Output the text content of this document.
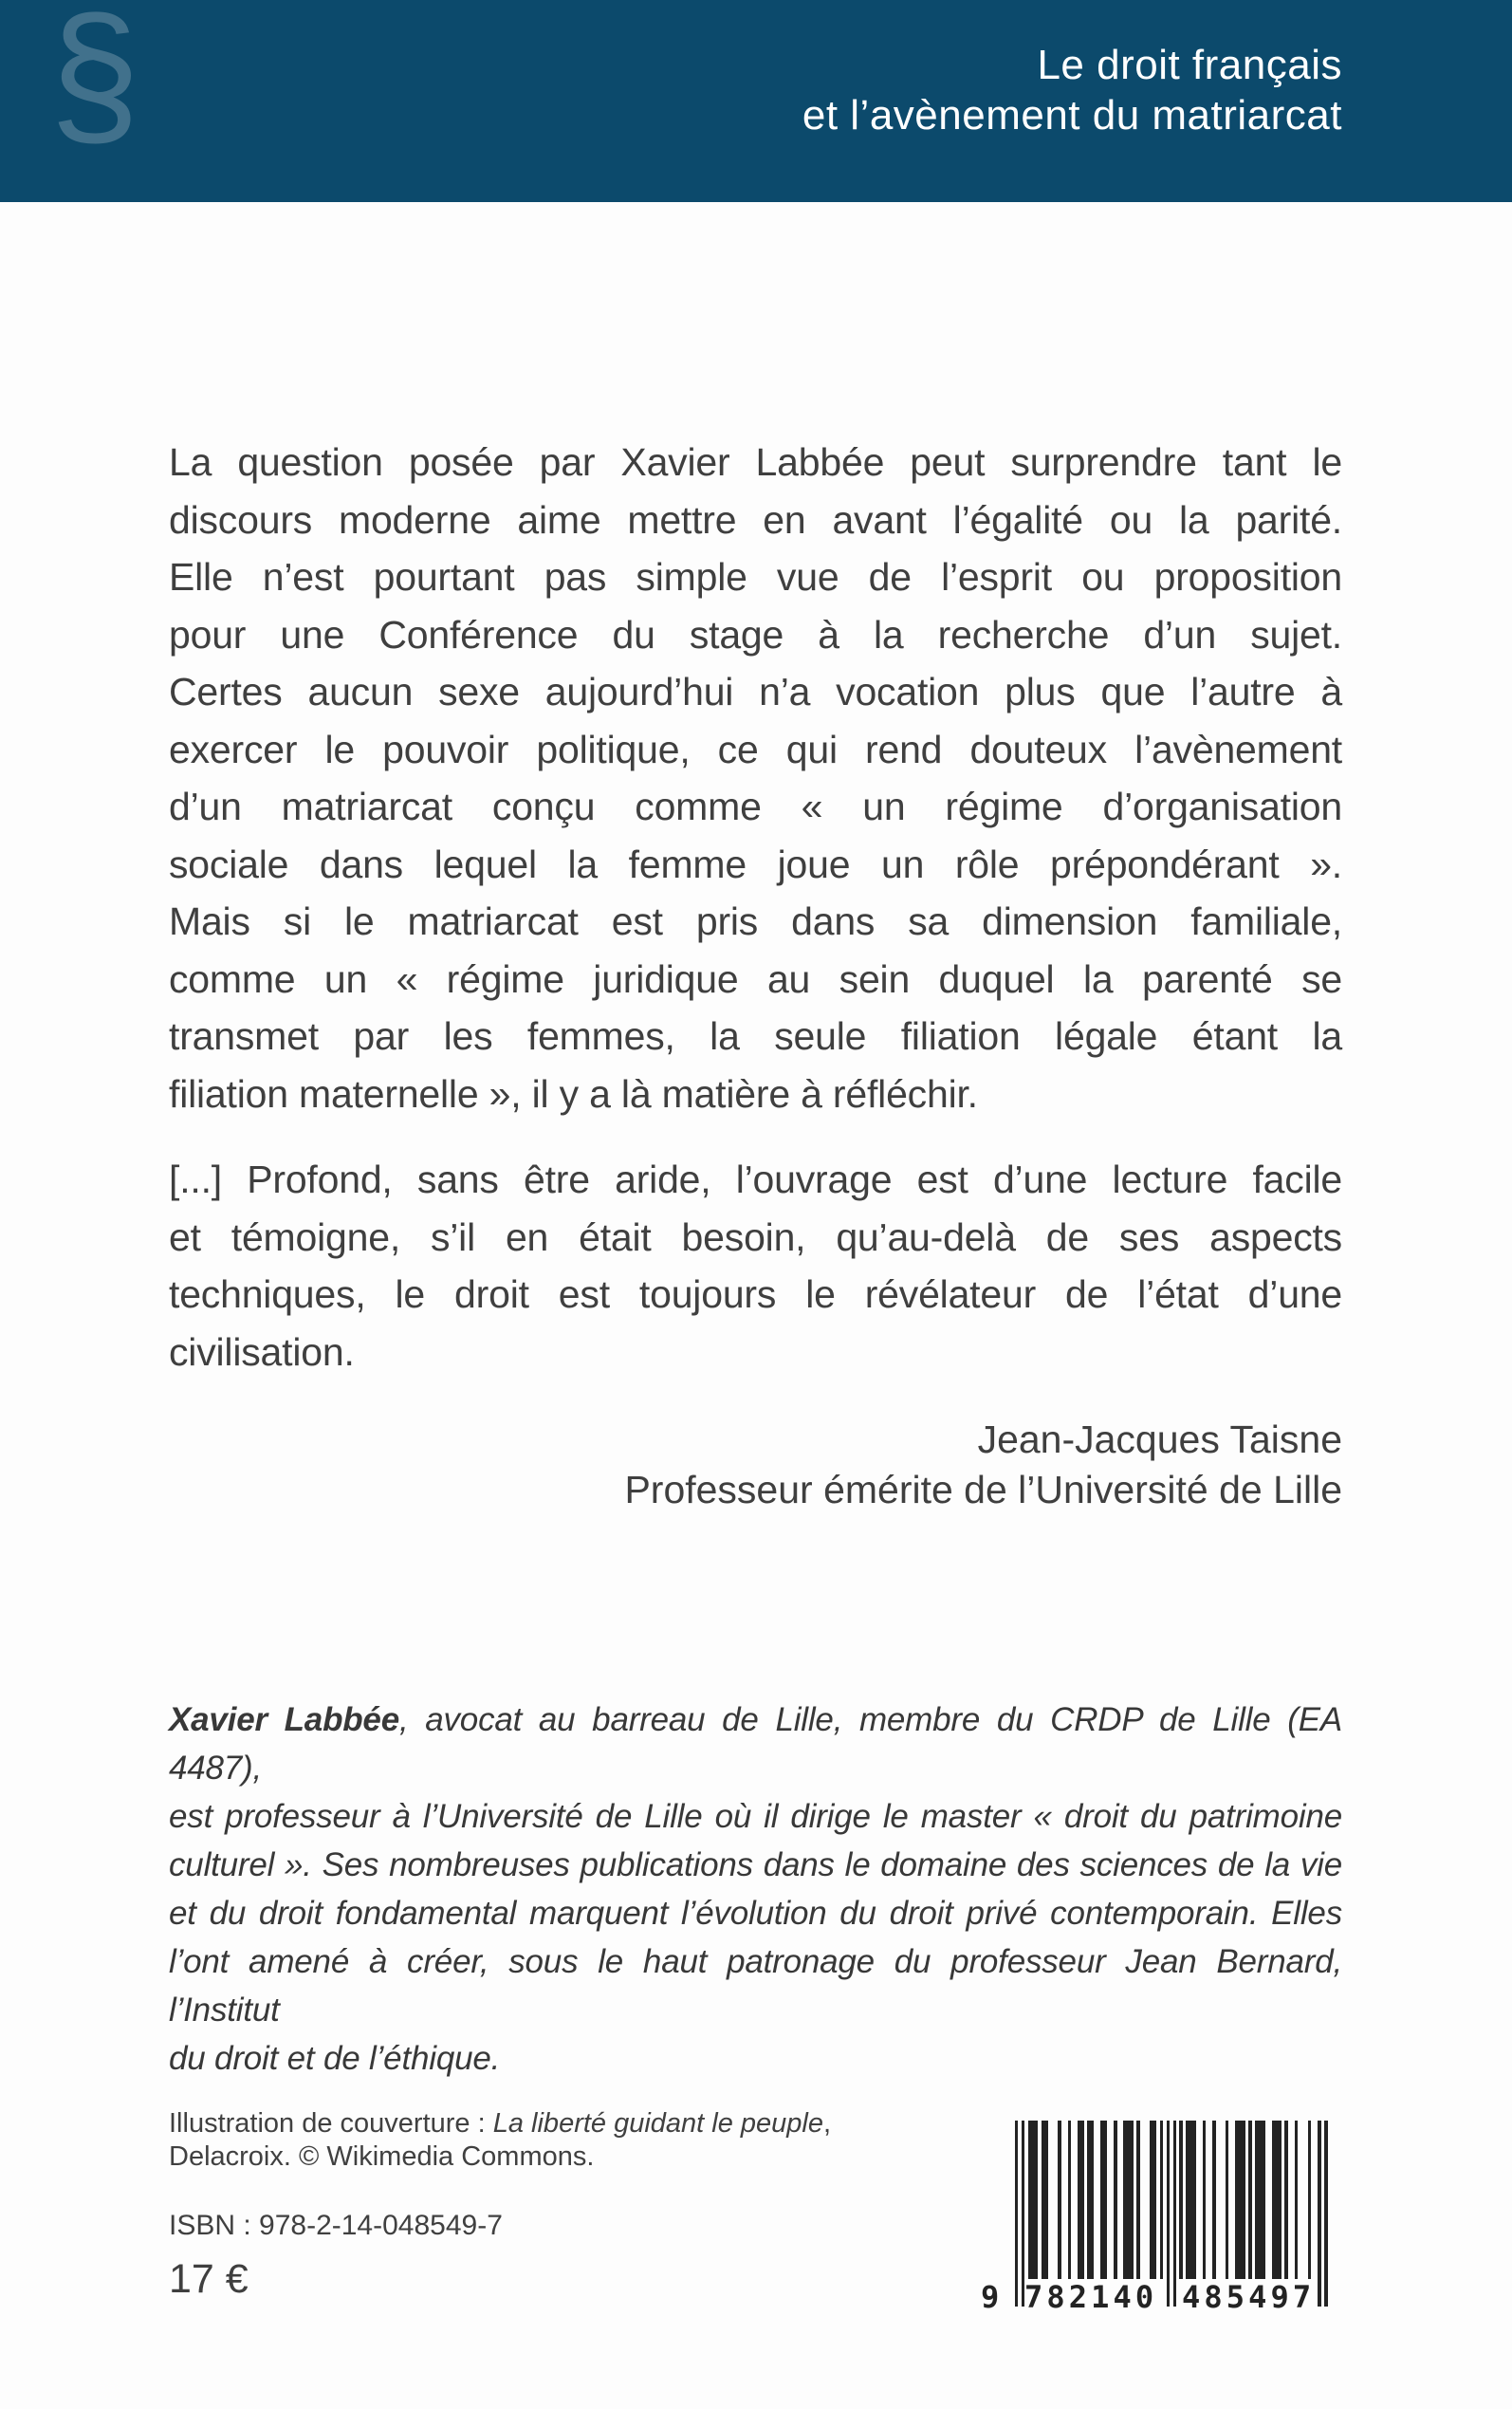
§	Le droit français
et l’avènement du matriarcat
La question posée par Xavier Labbée peut surprendre tant le
discours moderne aime mettre en avant l’égalité ou la parité.
Elle n’est pourtant pas simple vue de l’esprit ou proposition
pour une Conférence du stage à la recherche d’un sujet.
Certes aucun sexe aujourd’hui n’a vocation plus que l’autre à
exercer le pouvoir politique, ce qui rend douteux l’avènement
d’un matriarcat conçu comme « un régime d’organisation
sociale dans lequel la femme joue un rôle prépondérant ».
Mais si le matriarcat est pris dans sa dimension familiale,
comme un « régime juridique au sein duquel la parenté se
transmet par les femmes, la seule filiation légale étant la
filiation maternelle », il y a là matière à réfléchir.
[...] Profond, sans être aride, l’ouvrage est d’une lecture facile
et témoigne, s’il en était besoin, qu’au-delà de ses aspects
techniques, le droit est toujours le révélateur de l’état d’une
civilisation.
Jean-Jacques Taisne
Professeur émérite de l’Université de Lille
Xavier Labbée, avocat au barreau de Lille, membre du CRDP de Lille (EA 4487),
est professeur à l’Université de Lille où il dirige le master « droit du patrimoine
culturel ». Ses nombreuses publications dans le domaine des sciences de la vie
et du droit fondamental marquent l’évolution du droit privé contemporain. Elles
l’ont amené à créer, sous le haut patronage du professeur Jean Bernard, l’Institut
du droit et de l’éthique.
Illustration de couverture : La liberté guidant le peuple,
Delacroix. © Wikimedia Commons.
ISBN : 978-2-14-048549-7
17 €	9 782140 485497
